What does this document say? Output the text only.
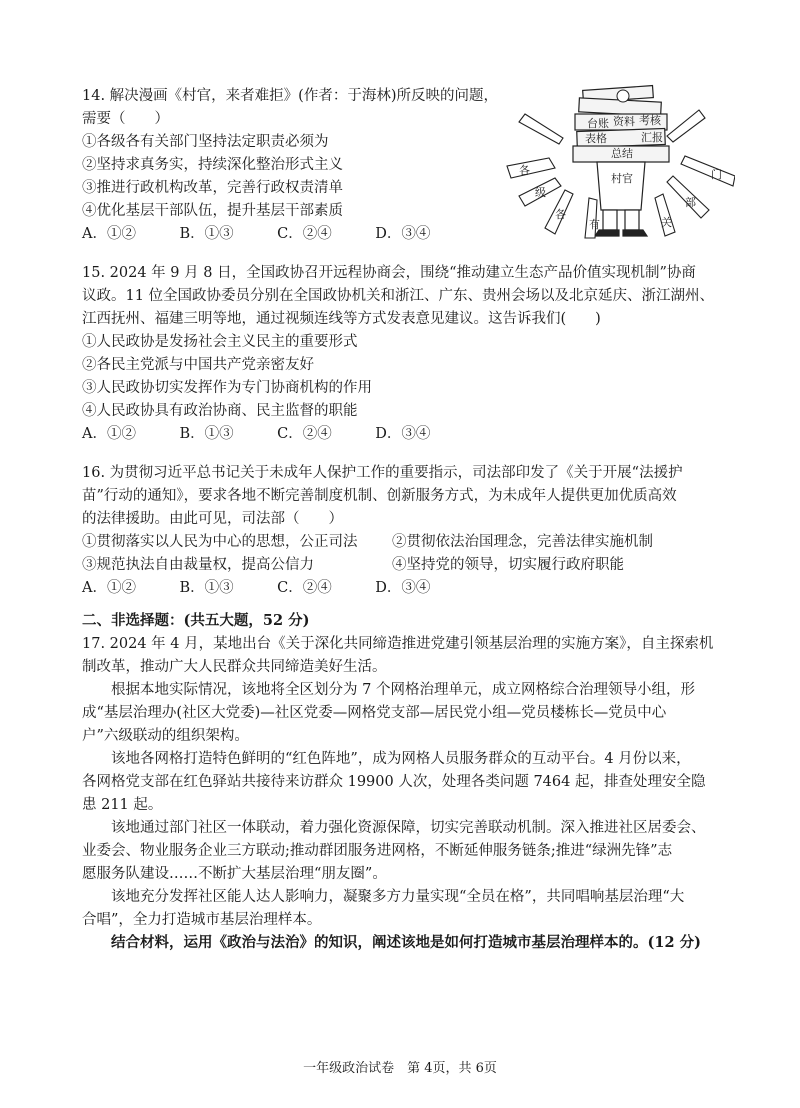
14. 解决漫画《村官，来者难拒》(作者：于海林)所反映的问题，
需要（　　）
①各级各有关部门坚持法定职责必须为
②坚持求真务实，持续深化整治形式主义
③推进行政机构改革，完善行政权责清单
④优化基层干部队伍，提升基层干部素质
A．①②　　　B．①③　　　C．②④　　　D．③④
台账 资料 考核
表格	汇报
总结
村官
各
级
各
有	关
部
门
15. 2024 年 9 月 8 日，全国政协召开远程协商会，围绕“推动建立生态产品价值实现机制”协商
议政。11 位全国政协委员分别在全国政协机关和浙江、广东、贵州会场以及北京延庆、浙江湖州、
江西抚州、福建三明等地，通过视频连线等方式发表意见建议。这告诉我们(　　)
①人民政协是发扬社会主义民主的重要形式
②各民主党派与中国共产党亲密友好
③人民政协切实发挥作为专门协商机构的作用
④人民政协具有政治协商、民主监督的职能
A．①②　　　B．①③　　　C．②④　　　D．③④
16. 为贯彻习近平总书记关于未成年人保护工作的重要指示，司法部印发了《关于开展“法援护
苗”行动的通知》，要求各地不断完善制度机制、创新服务方式，为未成年人提供更加优质高效
的法律援助。由此可见，司法部（　　）
①贯彻落实以人民为中心的思想，公正司法 ②贯彻依法治国理念，完善法律实施机制
③规范执法自由裁量权，提高公信力	④坚持党的领导，切实履行政府职能
A．①②　　　B．①③　　　C．②④　　　D．③④
二、非选择题：(共五大题，52 分)
17. 2024 年 4 月，某地出台《关于深化共同缔造推进党建引领基层治理的实施方案》，自主探索机
制改革，推动广大人民群众共同缔造美好生活。
　　根据本地实际情况，该地将全区划分为 7 个网格治理单元，成立网格综合治理领导小组，形
成“基层治理办(社区大党委)—社区党委—网格党支部—居民党小组—党员楼栋长—党员中心
户”六级联动的组织架构。
　　该地各网格打造特色鲜明的“红色阵地”，成为网格人员服务群众的互动平台。4 月份以来，
各网格党支部在红色驿站共接待来访群众 19900 人次，处理各类问题 7464 起，排查处理安全隐
患 211 起。
　　该地通过部门社区一体联动，着力强化资源保障，切实完善联动机制。深入推进社区居委会、
业委会、物业服务企业三方联动;推动群团服务进网格，不断延伸服务链条;推进“绿洲先锋”志
愿服务队建设……不断扩大基层治理“朋友圈”。
　　该地充分发挥社区能人达人影响力，凝聚多方力量实现“全员在格”，共同唱响基层治理“大
合唱”，全力打造城市基层治理样本。
　　结合材料，运用《政治与法治》的知识，阐述该地是如何打造城市基层治理样本的。(12 分)
一年级政治试卷　第 4页，共 6页
